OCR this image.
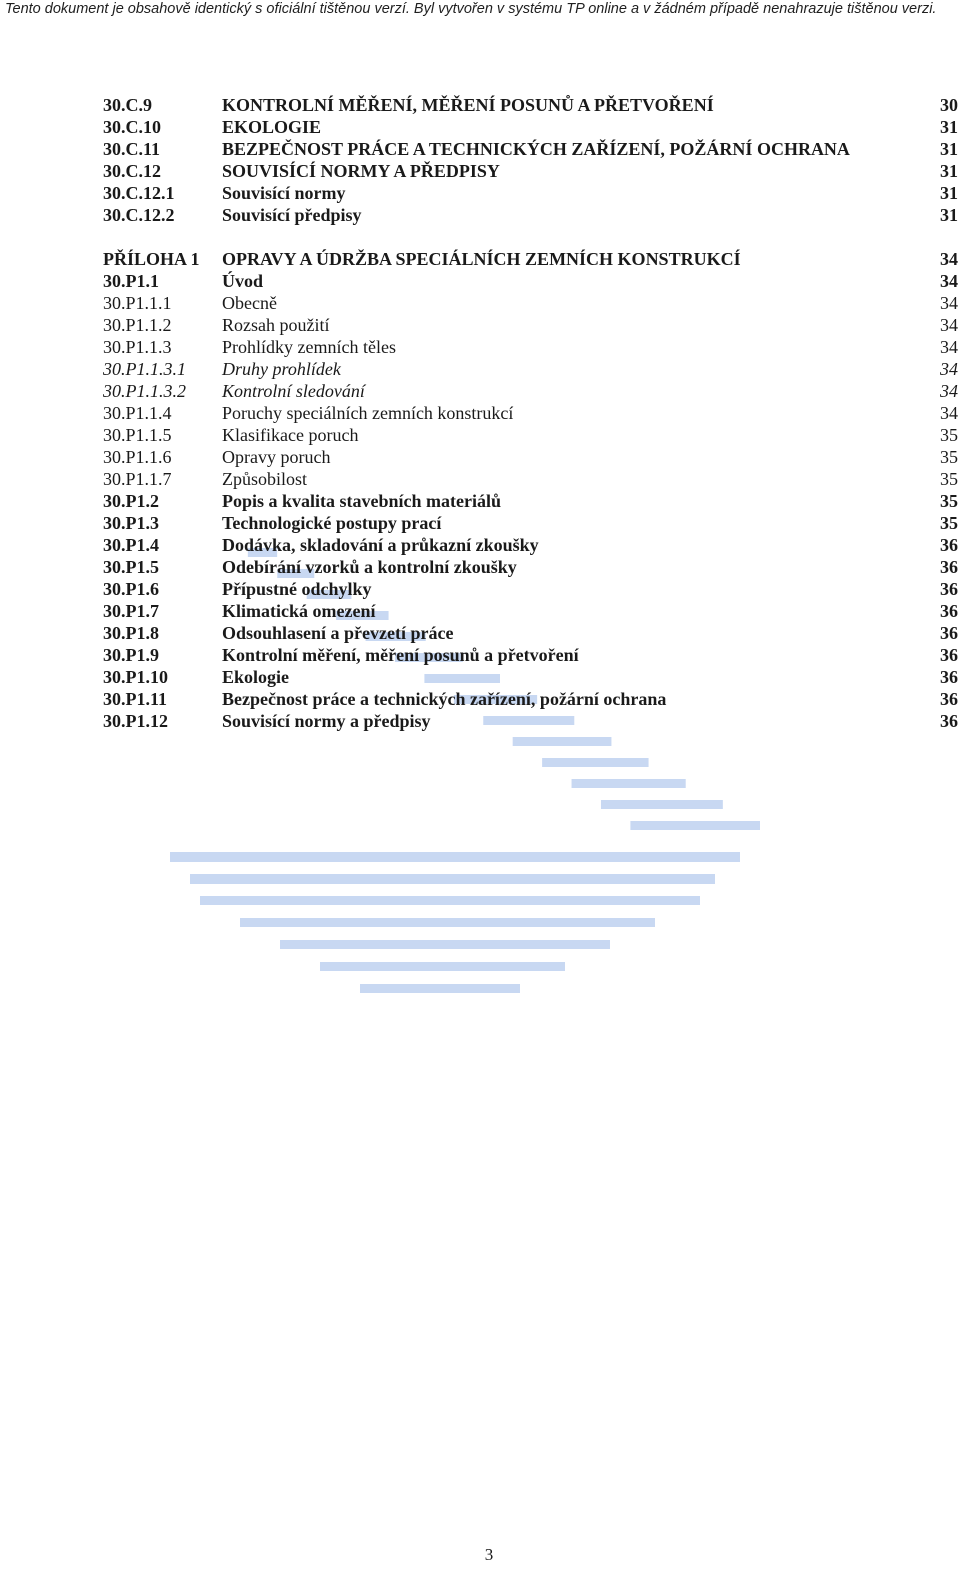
Tento dokument je obsahově identický s oficiální tištěnou verzí. Byl vytvořen v systému TP online a v žádném případě nenahrazuje tištěnou verzi.
30.C.9	KONTROLNÍ MĚŘENÍ, MĚŘENÍ POSUNŮ A PŘETVOŘENÍ	30
30.C.10	EKOLOGIE	31
30.C.11	BEZPEČNOST PRÁCE A TECHNICKÝCH ZAŘÍZENÍ, POŽÁRNÍ OCHRANA	31
30.C.12	SOUVISÍCÍ NORMY A PŘEDPISY	31
30.C.12.1	Souvisící normy	31
30.C.12.2	Souvisící předpisy	31
PŘÍLOHA 1 OPRAVY A ÚDRŽBA SPECIÁLNÍCH ZEMNÍCH KONSTRUKCÍ	34
30.P1.1	Úvod	34
30.P1.1.1	Obecně	34
30.P1.1.2	Rozsah použití	34
30.P1.1.3	Prohlídky zemních těles	34
30.P1.1.3.1 Druhy prohlídek	34
30.P1.1.3.2 Kontrolní sledování	34
30.P1.1.4	Poruchy speciálních zemních konstrukcí	34
30.P1.1.5	Klasifikace poruch	35
30.P1.1.6	Opravy poruch	35
30.P1.1.7	Způsobilost	35
30.P1.2	Popis a kvalita stavebních materiálů	35
30.P1.3	Technologické postupy prací	35
30.P1.4	Dodávka, skladování a průkazní zkoušky	36
30.P1.5	Odebírání vzorků a kontrolní zkoušky	36
30.P1.6	Přípustné odchylky	36
30.P1.7	Klimatická omezení	36
30.P1.8	Odsouhlasení a převzetí práce	36
30.P1.9	Kontrolní měření, měření posunů a přetvoření	36
30.P1.10	Ekologie	36
30.P1.11	Bezpečnost práce a technických zařízení, požární ochrana	36
30.P1.12	Souvisící normy a předpisy	36
3
